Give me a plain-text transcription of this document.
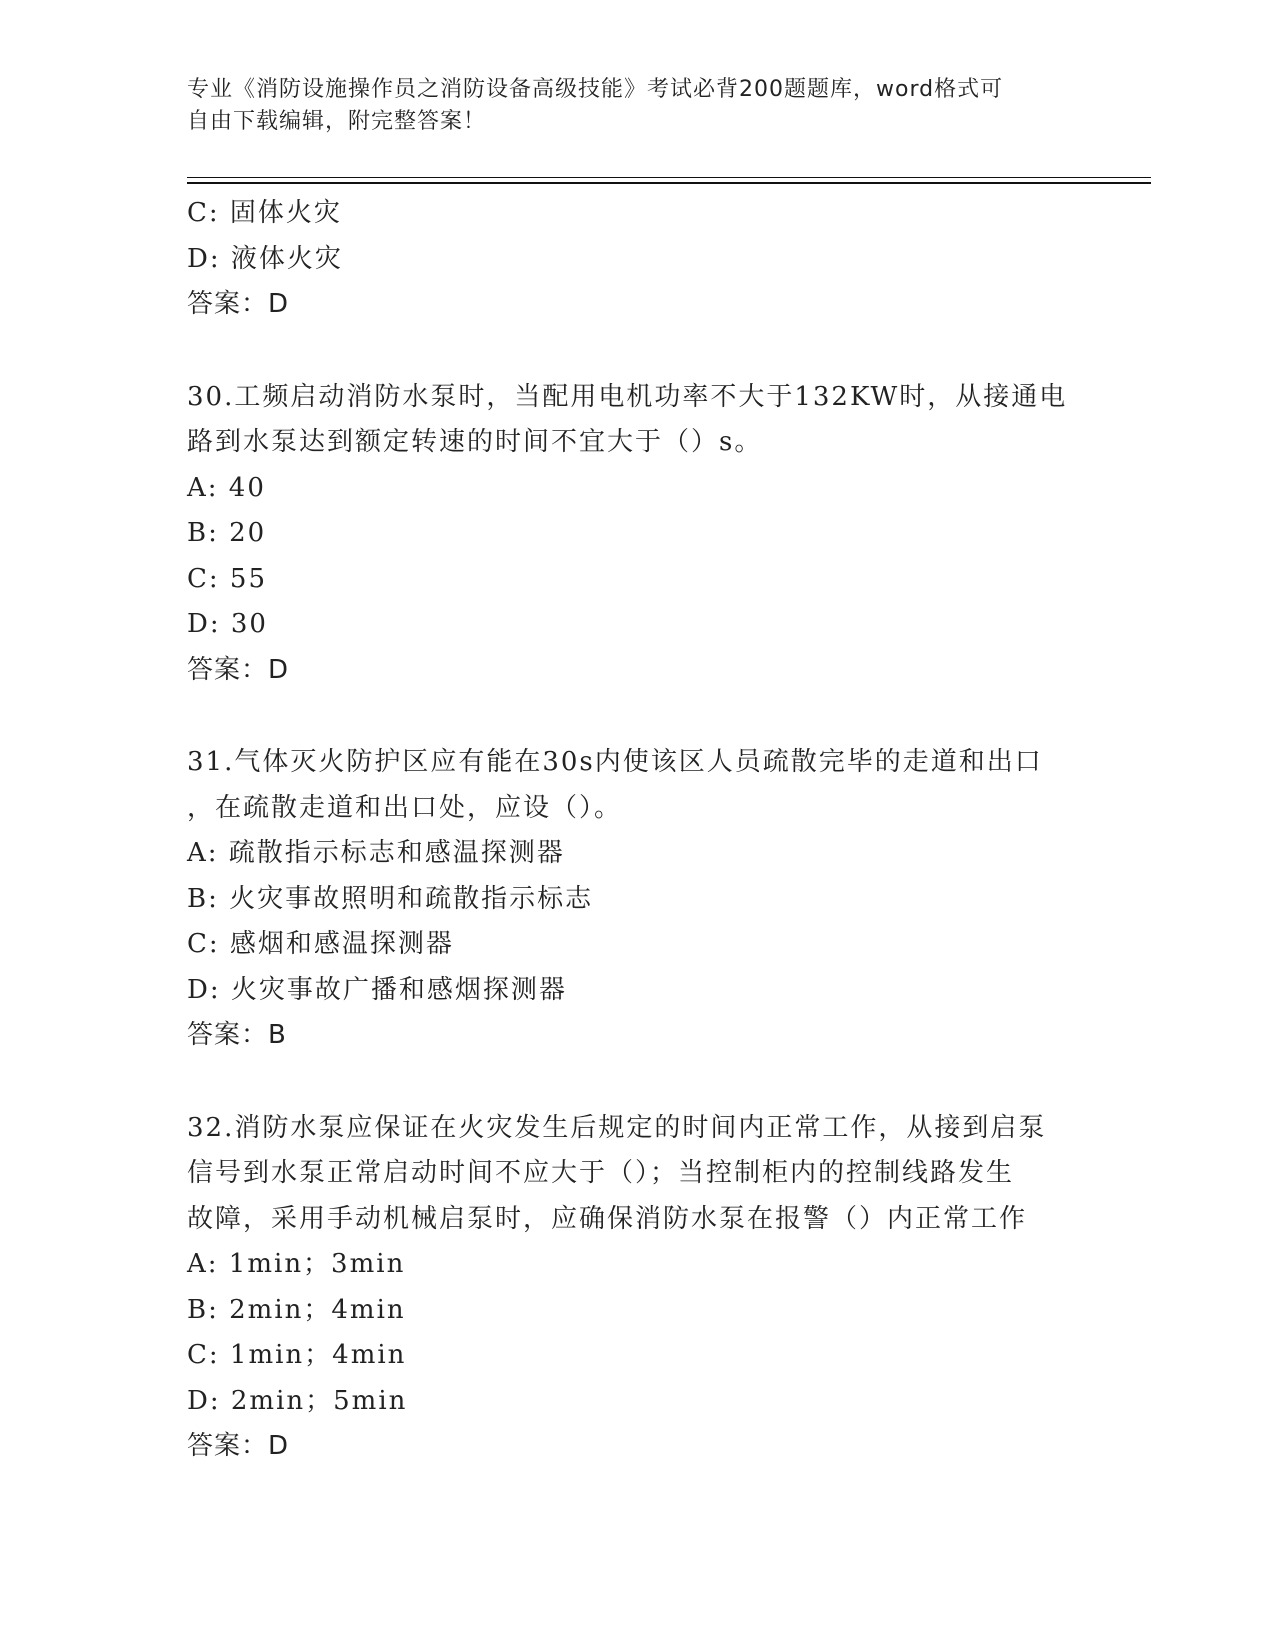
专业《消防设施操作员之消防设备高级技能》考试必背200题题库，word格式可
自由下载编辑，附完整答案！
C: 固体火灾
D: 液体火灾
答案：D
30.工频启动消防水泵时，当配用电机功率不大于132KW时，从接通电
路到水泵达到额定转速的时间不宜大于（）s。
A: 40
B: 20
C: 55
D: 30
答案：D
31.气体灭火防护区应有能在30s内使该区人员疏散完毕的走道和出口
，在疏散走道和出口处，应设（）。
A: 疏散指示标志和感温探测器
B: 火灾事故照明和疏散指示标志
C: 感烟和感温探测器
D: 火灾事故广播和感烟探测器
答案：B
32.消防水泵应保证在火灾发生后规定的时间内正常工作，从接到启泵
信号到水泵正常启动时间不应大于（）；当控制柜内的控制线路发生
故障，采用手动机械启泵时，应确保消防水泵在报警（）内正常工作
A: 1min；3min
B: 2min；4min
C: 1min；4min
D: 2min；5min
答案：D
